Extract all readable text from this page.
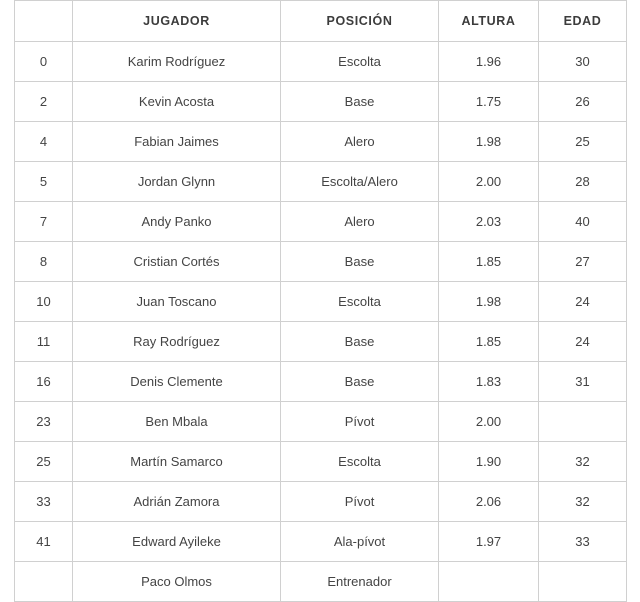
	JUGADOR	POSICIÓN	ALTURA	EDAD
0	Karim Rodríguez	Escolta	1.96	30
2	Kevin Acosta	Base	1.75	26
4	Fabian Jaimes	Alero	1.98	25
5	Jordan Glynn	Escolta/Alero	2.00	28
7	Andy Panko	Alero	2.03	40
8	Cristian Cortés	Base	1.85	27
10	Juan Toscano	Escolta	1.98	24
11	Ray Rodríguez	Base	1.85	24
16	Denis Clemente	Base	1.83	31
23	Ben Mbala	Pívot	2.00	
25	Martín Samarco	Escolta	1.90	32
33	Adrián Zamora	Pívot	2.06	32
41	Edward Ayileke	Ala-pívot	1.97	33
	Paco Olmos	Entrenador		
